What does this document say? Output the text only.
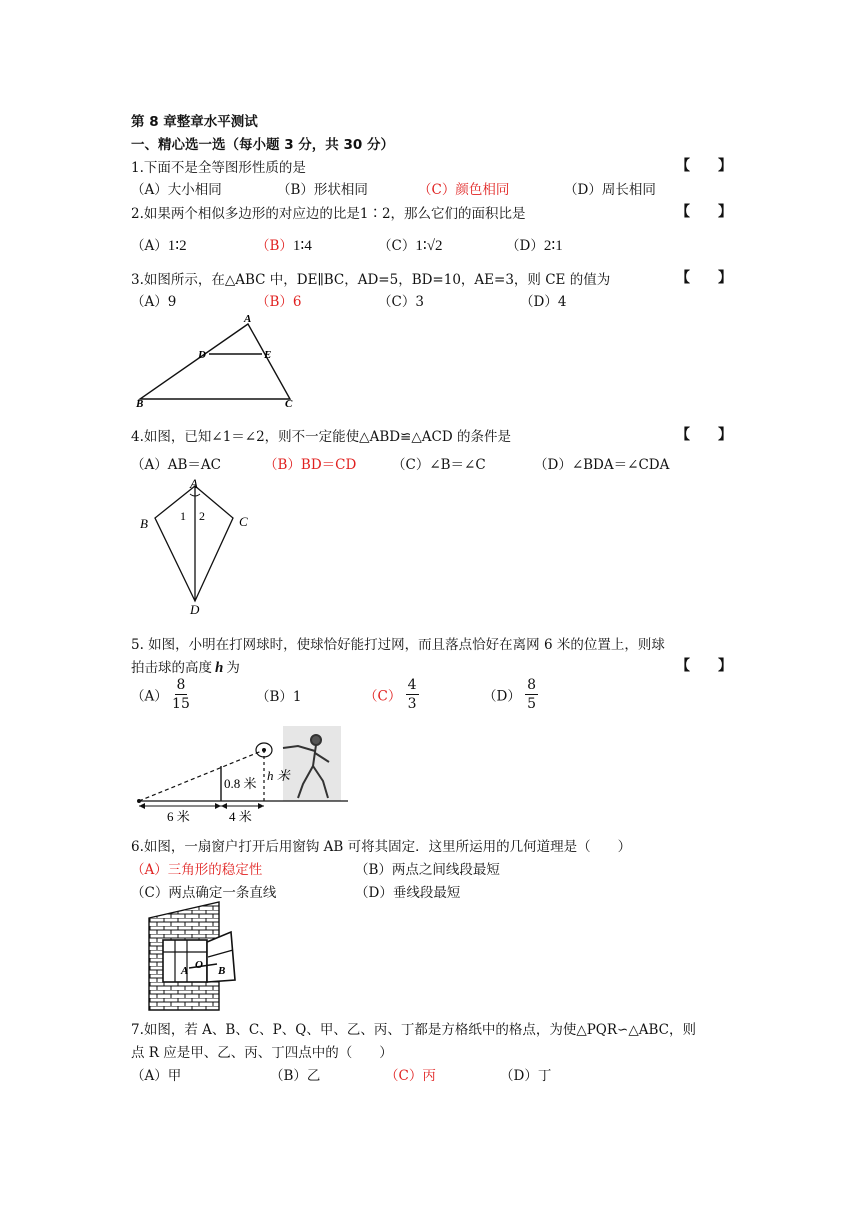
第 8 章整章水平测试
一、精心选一选（每小题 3 分，共 30 分）
1.下面不是全等图形性质的是	【　　】
（A）大小相同	（B）形状相同	（C）颜色相同	（D）周长相同
2.如果两个相似多边形的对应边的比是1∶2，那么它们的面积比是	【　　】
（A）1∶2	（B）1∶4	（C）1∶√2	（D）2∶1
3.如图所示，在△ABC 中，DE∥BC，AD=5，BD=10，AE=3，则 CE 的值为	【　　】
（A）9	（B）6	（C）3	（D）4
A
D	E
B	C
4.如图，已知∠1＝∠2，则不一定能使△ABD≌△ACD 的条件是	【　　】
（A）AB＝AC	（B）BD＝CD	（C）∠B＝∠C	（D）∠BDA＝∠CDA
A
B	C
D
1 2
5. 如图，小明在打网球时，使球恰好能打过网，而且落点恰好在离网 6 米的位置上，则球
拍击球的高度 h 为	【　　】
$(A) \frac{8}{15}$	（B）1	$(C) \frac{4}{3}$	$(D) \frac{8}{5}$
0.8 米
h 米
6 米	4 米
6.如图，一扇窗户打开后用窗钩 AB 可将其固定．这里所运用的几何道理是（　　）
（A）三角形的稳定性	（B）两点之间线段最短
（C）两点确定一条直线	（D）垂线段最短
A O B
7.如图，若 A、B、C、P、Q、甲、乙、丙、丁都是方格纸中的格点，为使△PQR∽△ABC，则
点 R 应是甲、乙、丙、丁四点中的（　　）
（A）甲	（B）乙	（C）丙	（D）丁
